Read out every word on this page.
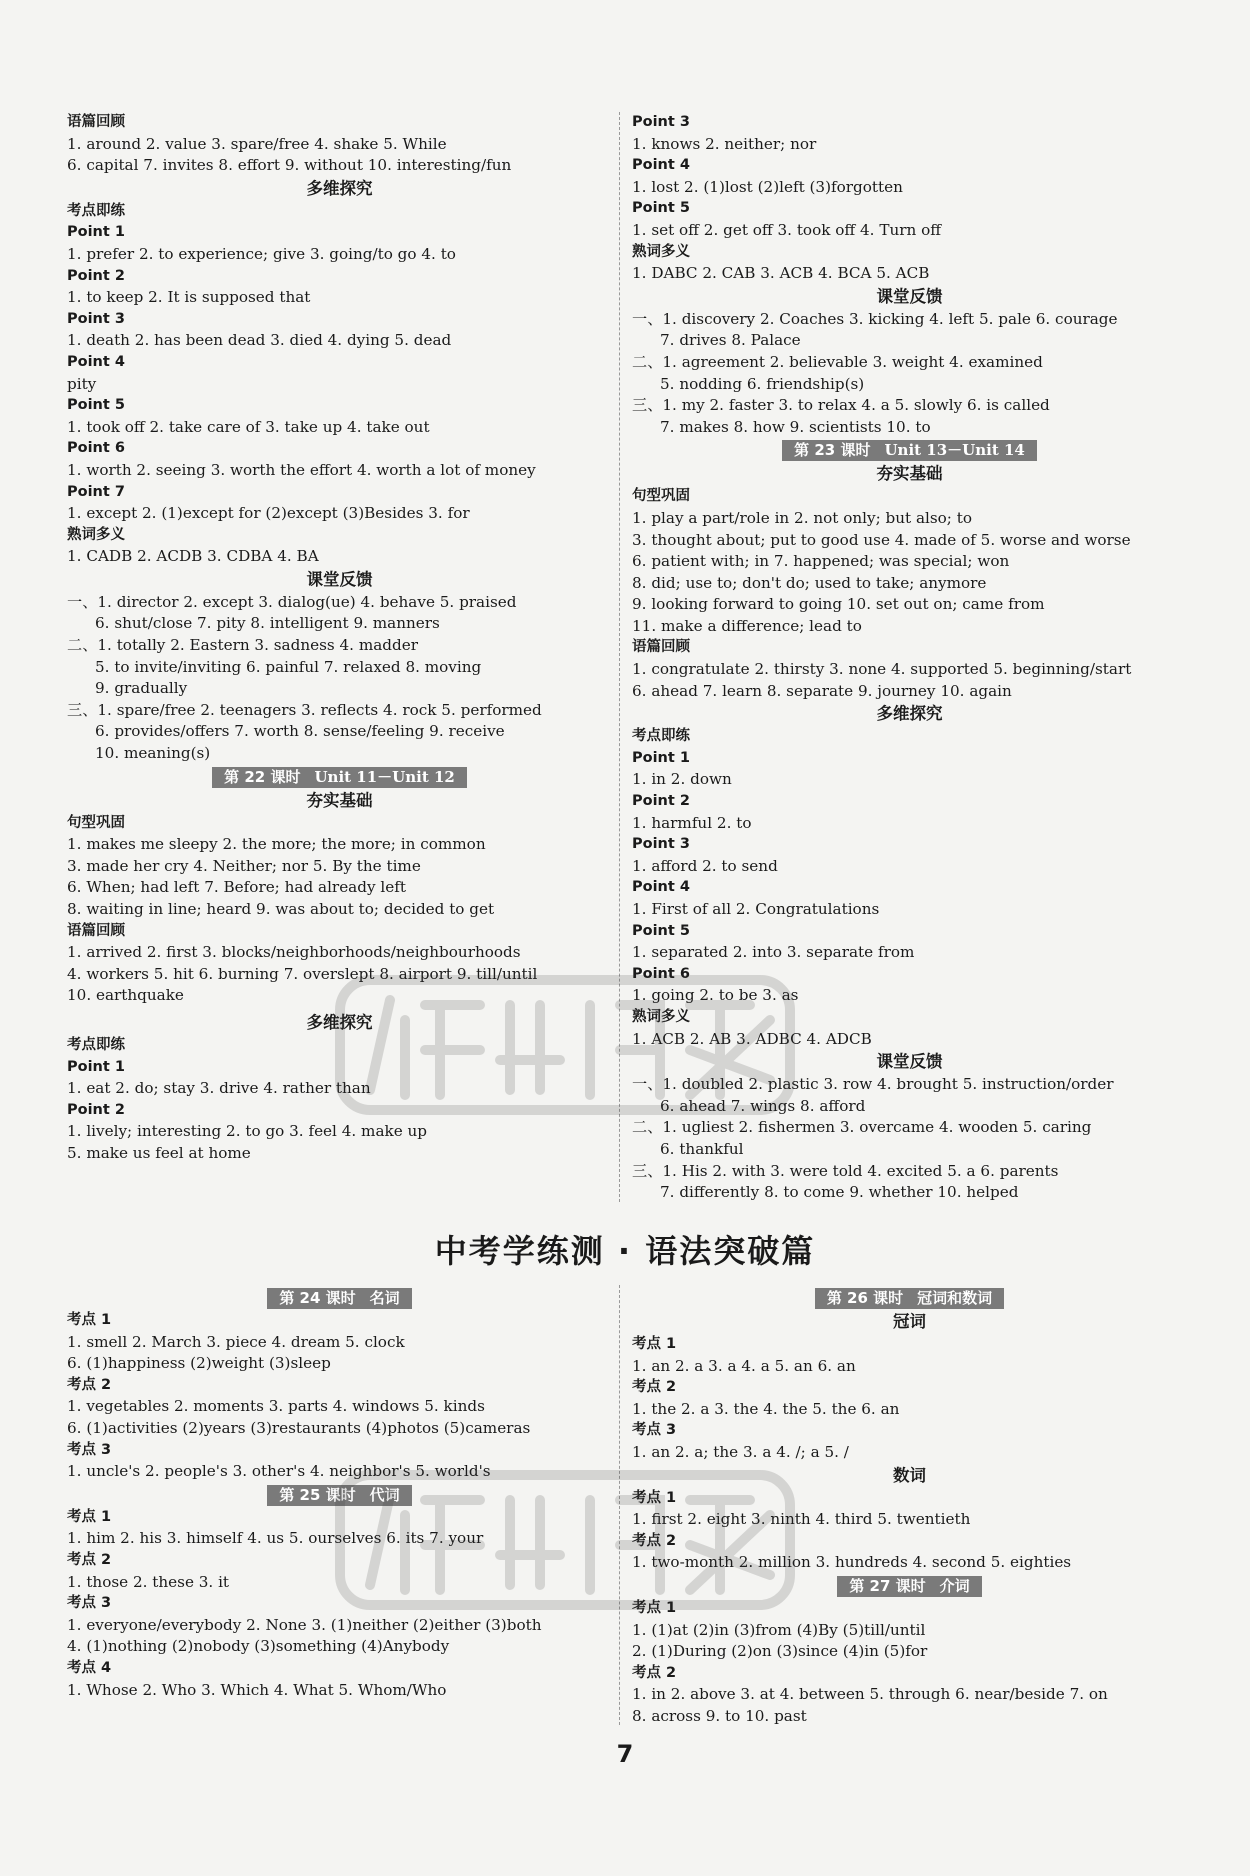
语篇回顾
1. around 2. value 3. spare/free 4. shake 5. While
6. capital 7. invites 8. effort 9. without 10. interesting/fun
多维探究
考点即练
Point 1
1. prefer 2. to experience; give 3. going/to go 4. to
Point 2
1. to keep 2. It is supposed that
Point 3
1. death 2. has been dead 3. died 4. dying 5. dead
Point 4
pity
Point 5
1. took off 2. take care of 3. take up 4. take out
Point 6
1. worth 2. seeing 3. worth the effort 4. worth a lot of money
Point 7
1. except 2. (1)except for (2)except (3)Besides 3. for
熟词多义
1. CADB 2. ACDB 3. CDBA 4. BA
课堂反馈
一、1. director 2. except 3. dialog(ue) 4. behave 5. praised
6. shut/close 7. pity 8. intelligent 9. manners
二、1. totally 2. Eastern 3. sadness 4. madder
5. to invite/inviting 6. painful 7. relaxed 8. moving
9. gradually
三、1. spare/free 2. teenagers 3. reflects 4. rock 5. performed
6. provides/offers 7. worth 8. sense/feeling 9. receive
10. meaning(s)
第 22 课时 Unit 11－Unit 12
夯实基础
句型巩固
1. makes me sleepy 2. the more; the more; in common
3. made her cry 4. Neither; nor 5. By the time
6. When; had left 7. Before; had already left
8. waiting in line; heard 9. was about to; decided to get
语篇回顾
1. arrived 2. first 3. blocks/neighborhoods/neighbourhoods
4. workers 5. hit 6. burning 7. overslept 8. airport 9. till/until
10. earthquake
多维探究
考点即练
Point 1
1. eat 2. do; stay 3. drive 4. rather than
Point 2
1. lively; interesting 2. to go 3. feel 4. make up
5. make us feel at home
Point 3
1. knows 2. neither; nor
Point 4
1. lost 2. (1)lost (2)left (3)forgotten
Point 5
1. set off 2. get off 3. took off 4. Turn off
熟词多义
1. DABC 2. CAB 3. ACB 4. BCA 5. ACB
课堂反馈
一、1. discovery 2. Coaches 3. kicking 4. left 5. pale 6. courage
7. drives 8. Palace
二、1. agreement 2. believable 3. weight 4. examined
5. nodding 6. friendship(s)
三、1. my 2. faster 3. to relax 4. a 5. slowly 6. is called
7. makes 8. how 9. scientists 10. to
第 23 课时 Unit 13－Unit 14
夯实基础
句型巩固
1. play a part/role in 2. not only; but also; to
3. thought about; put to good use 4. made of 5. worse and worse
6. patient with; in 7. happened; was special; won
8. did; use to; don't do; used to take; anymore
9. looking forward to going 10. set out on; came from
11. make a difference; lead to
语篇回顾
1. congratulate 2. thirsty 3. none 4. supported 5. beginning/start
6. ahead 7. learn 8. separate 9. journey 10. again
多维探究
考点即练
Point 1
1. in 2. down
Point 2
1. harmful 2. to
Point 3
1. afford 2. to send
Point 4
1. First of all 2. Congratulations
Point 5
1. separated 2. into 3. separate from
Point 6
1. going 2. to be 3. as
熟词多义
1. ACB 2. AB 3. ADBC 4. ADCB
课堂反馈
一、1. doubled 2. plastic 3. row 4. brought 5. instruction/order
6. ahead 7. wings 8. afford
二、1. ugliest 2. fishermen 3. overcame 4. wooden 5. caring
6. thankful
三、1. His 2. with 3. were told 4. excited 5. a 6. parents
7. differently 8. to come 9. whether 10. helped
中考学练测 · 语法突破篇
第 24 课时 名词
考点 1
1. smell 2. March 3. piece 4. dream 5. clock
6. (1)happiness (2)weight (3)sleep
考点 2
1. vegetables 2. moments 3. parts 4. windows 5. kinds
6. (1)activities (2)years (3)restaurants (4)photos (5)cameras
考点 3
1. uncle's 2. people's 3. other's 4. neighbor's 5. world's
第 25 课时 代词
考点 1
1. him 2. his 3. himself 4. us 5. ourselves 6. its 7. your
考点 2
1. those 2. these 3. it
考点 3
1. everyone/everybody 2. None 3. (1)neither (2)either (3)both
4. (1)nothing (2)nobody (3)something (4)Anybody
考点 4
1. Whose 2. Who 3. Which 4. What 5. Whom/Who
第 26 课时 冠词和数词
冠词
考点 1
1. an 2. a 3. a 4. a 5. an 6. an
考点 2
1. the 2. a 3. the 4. the 5. the 6. an
考点 3
1. an 2. a; the 3. a 4. /; a 5. /
数词
考点 1
1. first 2. eight 3. ninth 4. third 5. twentieth
考点 2
1. two-month 2. million 3. hundreds 4. second 5. eighties
第 27 课时 介词
考点 1
1. (1)at (2)in (3)from (4)By (5)till/until
2. (1)During (2)on (3)since (4)in (5)for
考点 2
1. in 2. above 3. at 4. between 5. through 6. near/beside 7. on
8. across 9. to 10. past
7
